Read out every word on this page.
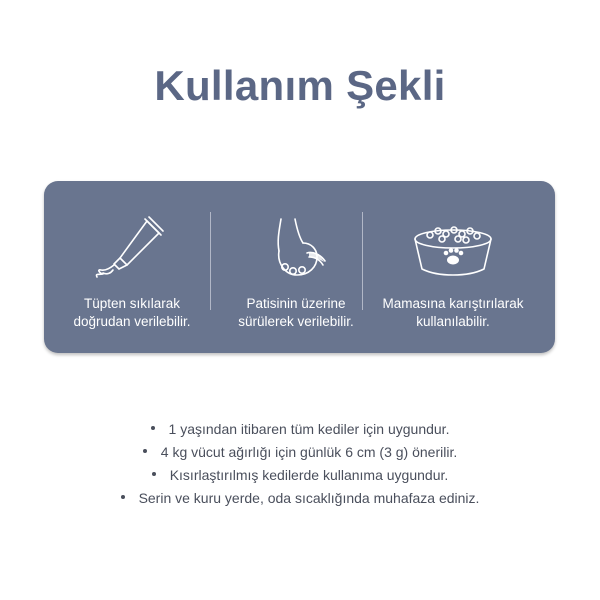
Kullanım Şekli
Tüpten sıkılarak
doğrudan verilebilir.
Patisinin üzerine
sürülerek verilebilir.
Mamasına karıştırılarak
kullanılabilir.
1 yaşından itibaren tüm kediler için uygundur.
4 kg vücut ağırlığı için günlük 6 cm (3 g) önerilir.
Kısırlaştırılmış kedilerde kullanıma uygundur.
Serin ve kuru yerde, oda sıcaklığında muhafaza ediniz.
